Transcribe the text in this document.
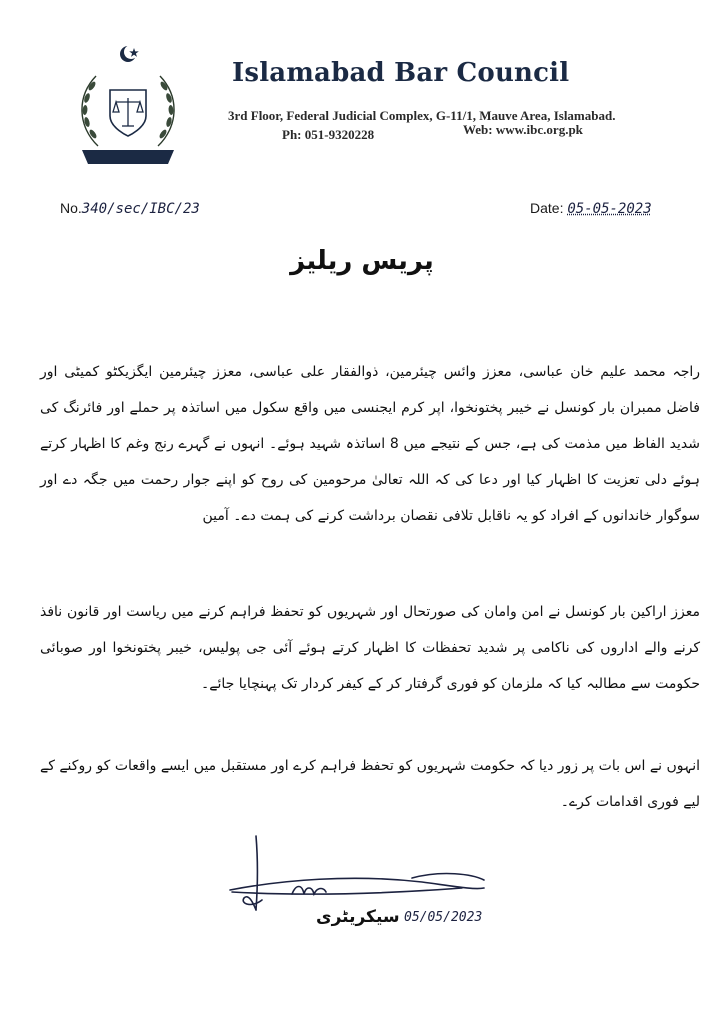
Islamabad Bar Council
3rd Floor, Federal Judicial Complex, G-11/1, Mauve Area, Islamabad.
Ph: 051-9320228	Web: www.ibc.org.pk
No.340/sec/IBC/23	Date: 05-05-2023
پریس ریلیز
راجہ محمد علیم خان عباسی، معزز وائس چیئرمین، ذوالفقار علی عباسی، معزز چیئرمین ایگزیکٹو کمیٹی اور فاضل ممبران بار کونسل نے خیبر پختونخوا، اپر کرم ایجنسی میں واقع سکول میں اساتذہ پر حملے اور فائرنگ کی شدید الفاظ میں مذمت کی ہے، جس کے نتیجے میں 8 اساتذہ شہید ہوئے۔ انہوں نے گہرے رنج وغم کا اظہار کرتے ہوئے دلی تعزیت کا اظہار کیا اور دعا کی کہ اللہ تعالیٰ مرحومین کی روح کو اپنے جوار رحمت میں جگہ دے اور سوگوار خاندانوں کے افراد کو یہ ناقابل تلافی نقصان برداشت کرنے کی ہمت دے۔ آمین
معزز اراکین بار کونسل نے امن وامان کی صورتحال اور شہریوں کو تحفظ فراہم کرنے میں ریاست اور قانون نافذ کرنے والے اداروں کی ناکامی پر شدید تحفظات کا اظہار کرتے ہوئے آئی جی پولیس، خیبر پختونخوا اور صوبائی حکومت سے مطالبہ کیا کہ ملزمان کو فوری گرفتار کر کے کیفر کردار تک پہنچایا جائے۔
انہوں نے اس بات پر زور دیا کہ حکومت شہریوں کو تحفظ فراہم کرے اور مستقبل میں ایسے واقعات کو روکنے کے لیے فوری اقدامات کرے۔
05/05/2023
سیکریٹری
